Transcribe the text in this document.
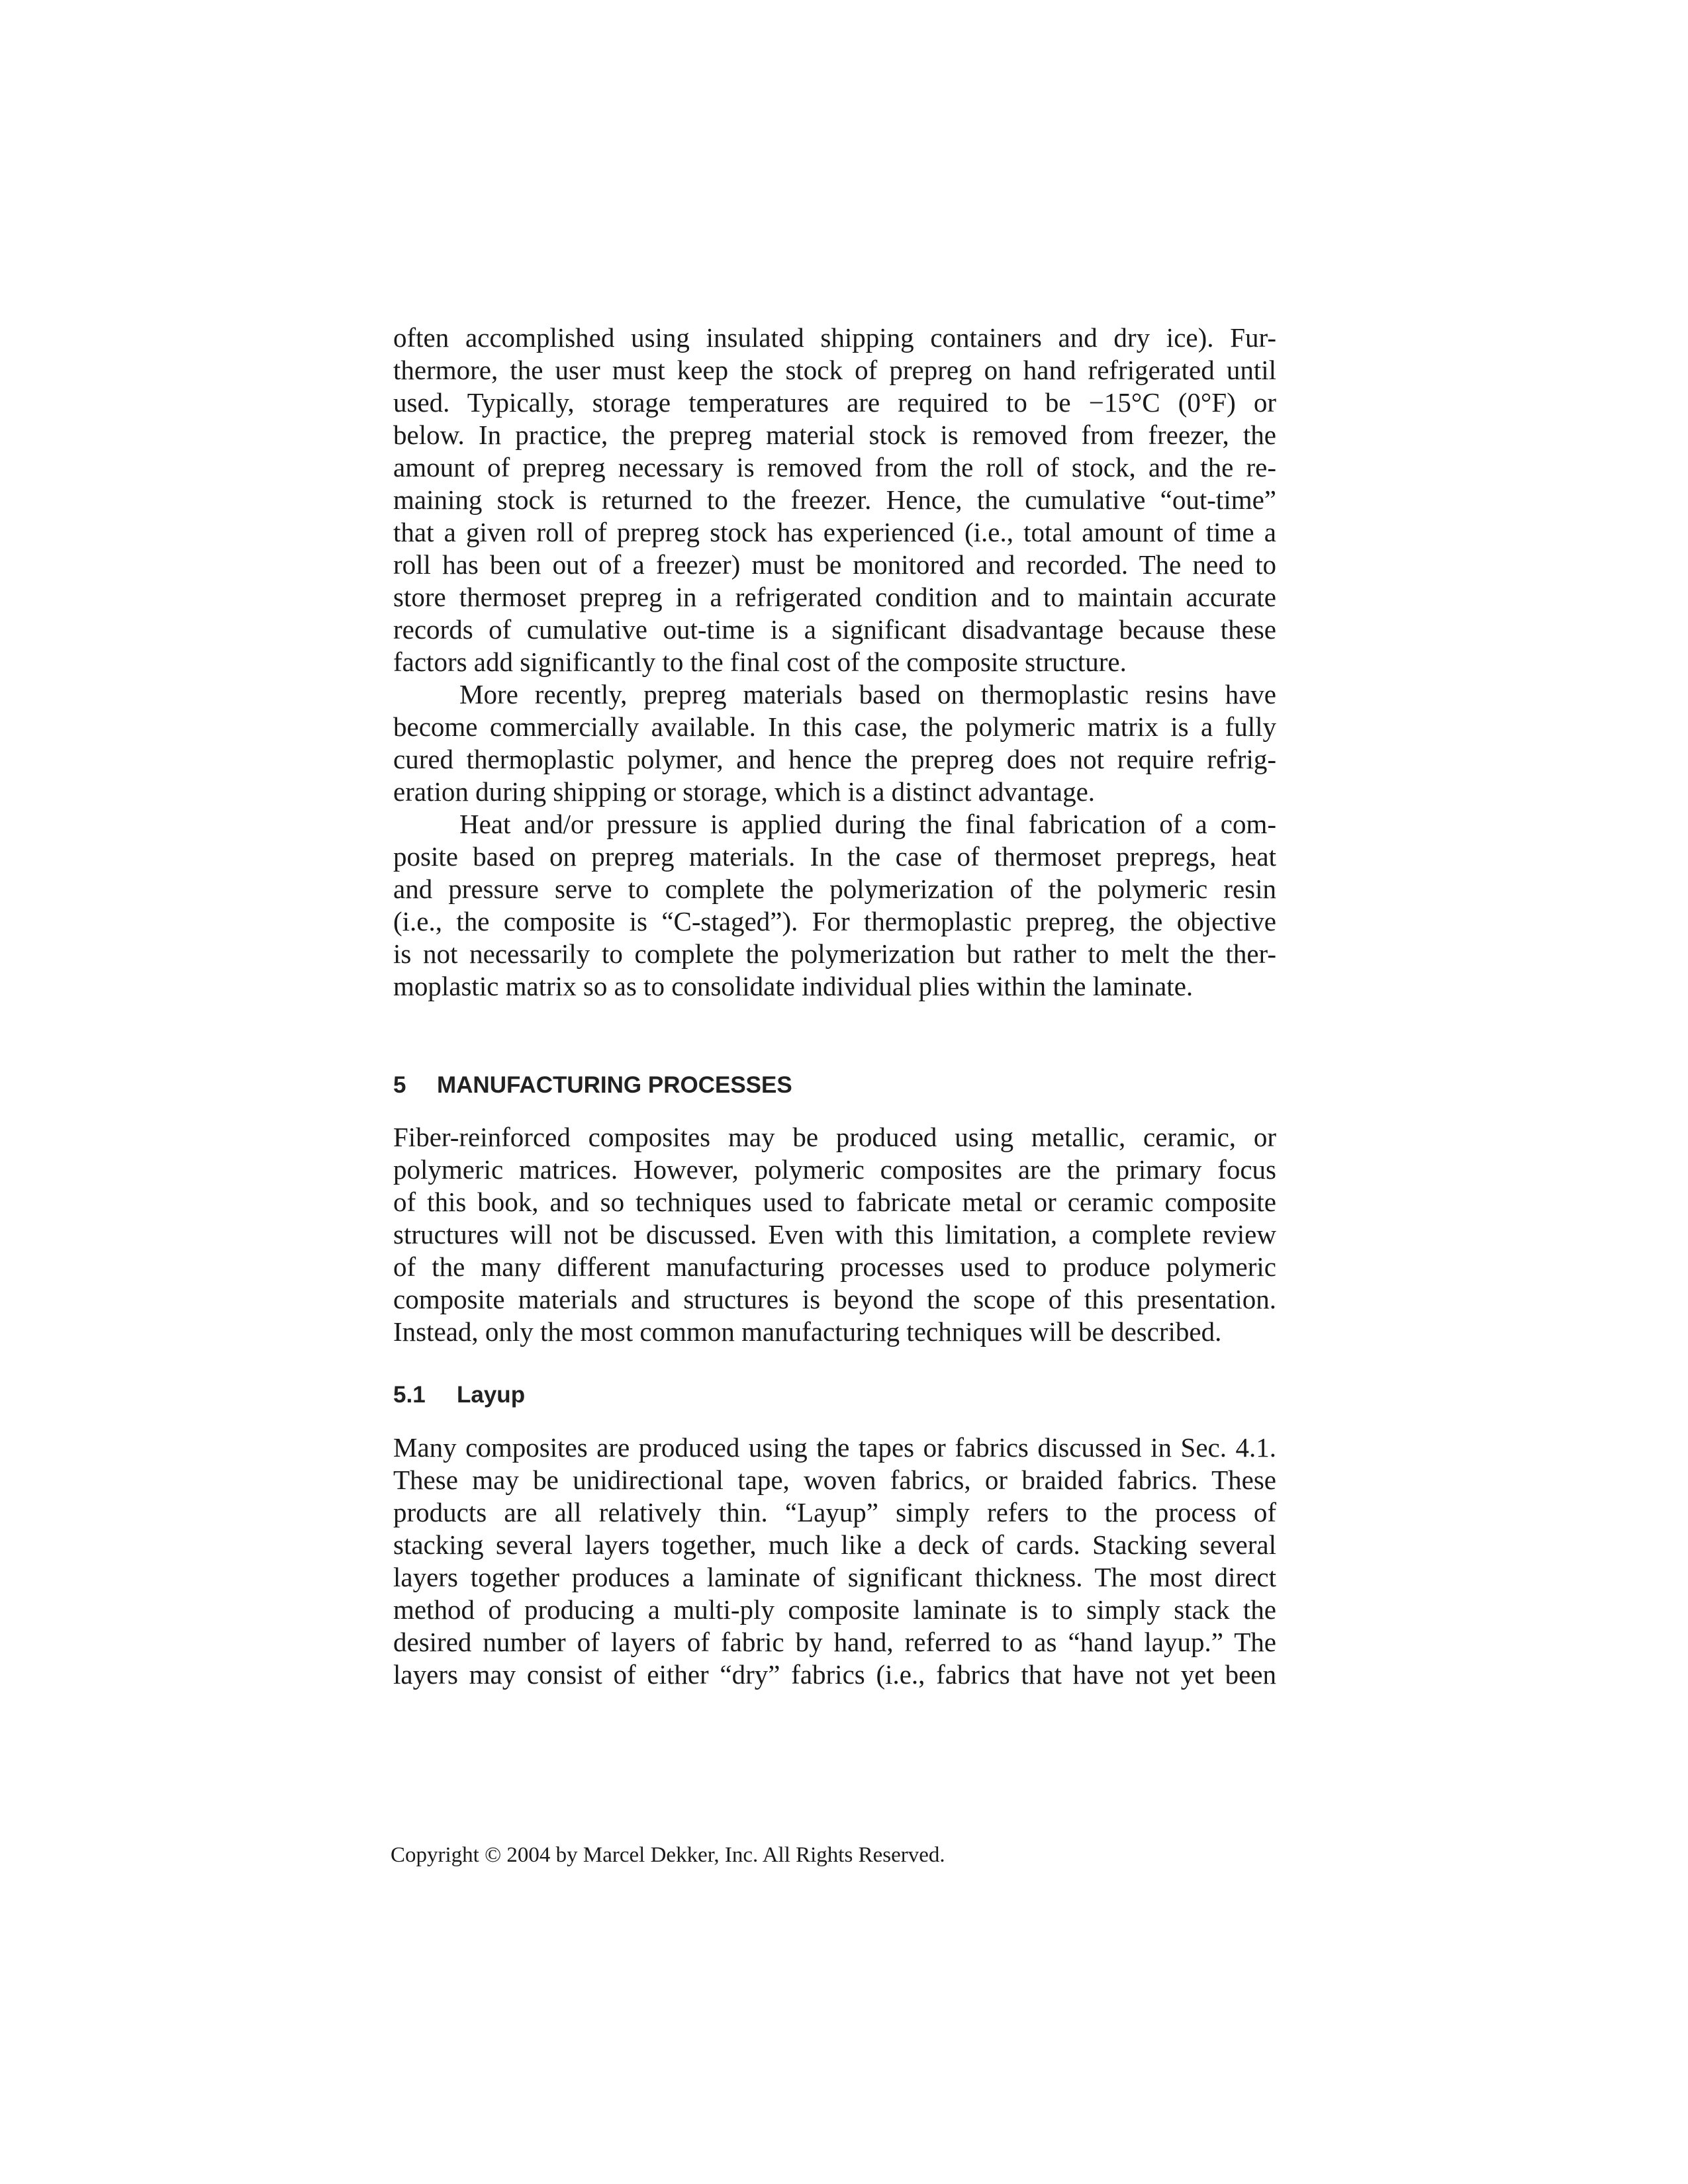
often accomplished using insulated shipping containers and dry ice). Fur-
thermore, the user must keep the stock of prepreg on hand refrigerated until
used. Typically, storage temperatures are required to be −15°C (0°F) or
below. In practice, the prepreg material stock is removed from freezer, the
amount of prepreg necessary is removed from the roll of stock, and the re-
maining stock is returned to the freezer. Hence, the cumulative “out-time”
that a given roll of prepreg stock has experienced (i.e., total amount of time a
roll has been out of a freezer) must be monitored and recorded. The need to
store thermoset prepreg in a refrigerated condition and to maintain accurate
records of cumulative out-time is a significant disadvantage because these
factors add significantly to the final cost of the composite structure.
More recently, prepreg materials based on thermoplastic resins have
become commercially available. In this case, the polymeric matrix is a fully
cured thermoplastic polymer, and hence the prepreg does not require refrig-
eration during shipping or storage, which is a distinct advantage.
Heat and/or pressure is applied during the final fabrication of a com-
posite based on prepreg materials. In the case of thermoset prepregs, heat
and pressure serve to complete the polymerization of the polymeric resin
(i.e., the composite is “C-staged”). For thermoplastic prepreg, the objective
is not necessarily to complete the polymerization but rather to melt the ther-
moplastic matrix so as to consolidate individual plies within the laminate.
5 MANUFACTURING PROCESSES
Fiber-reinforced composites may be produced using metallic, ceramic, or
polymeric matrices. However, polymeric composites are the primary focus
of this book, and so techniques used to fabricate metal or ceramic composite
structures will not be discussed. Even with this limitation, a complete review
of the many different manufacturing processes used to produce polymeric
composite materials and structures is beyond the scope of this presentation.
Instead, only the most common manufacturing techniques will be described.
5.1 Layup
Many composites are produced using the tapes or fabrics discussed in Sec. 4.1.
These may be unidirectional tape, woven fabrics, or braided fabrics. These
products are all relatively thin. “Layup” simply refers to the process of
stacking several layers together, much like a deck of cards. Stacking several
layers together produces a laminate of significant thickness. The most direct
method of producing a multi-ply composite laminate is to simply stack the
desired number of layers of fabric by hand, referred to as “hand layup.” The
layers may consist of either “dry” fabrics (i.e., fabrics that have not yet been
Copyright © 2004 by Marcel Dekker, Inc. All Rights Reserved.
